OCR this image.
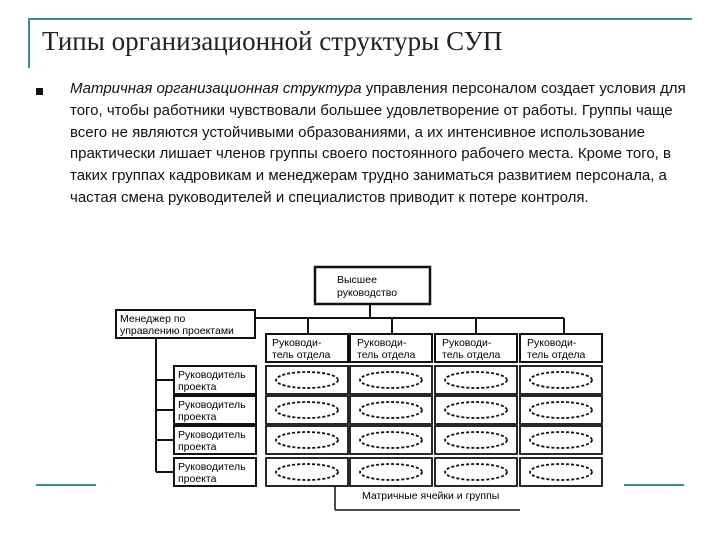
Типы организационной структуры СУП

Матричная организационная структура управления персоналом создает условия для того, чтобы работники чувствовали большее удовлетворение от работы. Группы чаще всего не являются устойчивыми образованиями, а их интенсивное использование практически лишает членов группы своего постоянного рабочего места. Кроме того, в таких группах кадровикам и менеджерам трудно заниматься развитием персонала, а частая смена руководителей и специалистов приводит к потере контроля.

Высшее
руководство
Менеджер по
управлению проектами
Руководи-
тель отдела
Руководи-
тель отдела
Руководи-
тель отдела
Руководи-
тель отдела
Руководитель
проекта
Руководитель
проекта
Руководитель
проекта
Руководитель
проекта
Матричные ячейки и группы
